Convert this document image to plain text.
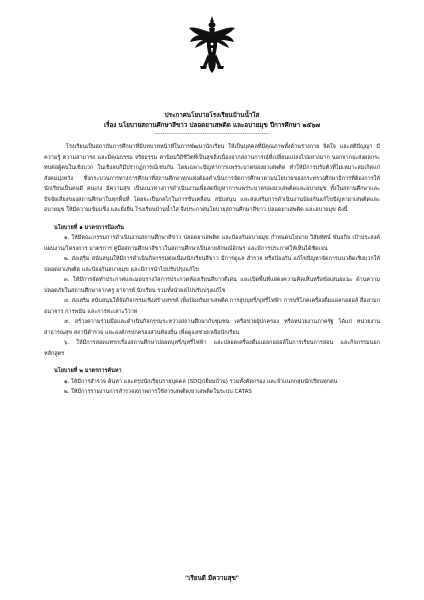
ประกาศนโยบายโรงเรียนบ้านน้ำใส
เรื่อง นโยบายสถานศึกษาสีขาว ปลอดยาเสพติด และอบายมุข ปีการศึกษา ๒๕๖๗
-------------------------------------------------------

โรงเรียนเป็นสถาบันการศึกษาที่มีบทบาทหน้าที่ในการพัฒนานักเรียน ให้เป็นบุคคลที่มีคุณภาพทั้งด้านร่างกาย จิตใจ และสติปัญญา มีความรู้ ความสามารถ และมีคุณธรรม จริยธรรม ค่านิยมวิถีชีวิตที่เป็นสุขสิ่งเนื่องจากสถานการณ์ที่เปลี่ยนแปลงไปอย่างมาก นอกจากจะส่งผลกระทบต่อผู้คนในเชิงบวก ในเชิงลบก็มีปรากฏการณ์เช่นกัน โดยเฉพาะปัญหาการแพร่ระบาดของยาเสพติด ทำให้มีการปรับตัวที่ไม่เหมาะสมเกิดแก่สังคมมุ่งหวัง ซึ่งกระบวนการทางการศึกษาที่สถานศึกษาทุกแห่งต้องดำเนินการจัดการศึกษาตามนโยบายของกระทรวงศึกษาธิการที่ต้องการให้นักเรียนเป็นคนดี คนเก่ง มีความสุข เป็นแนวทางการดำเนินงานเพื่อลดปัญหาการแพร่ระบาดของยาเสพติดและอบายมุข ทั้งในสถานศึกษาและปัจจัยเสี่ยงของสถานศึกษาในทุกพื้นที่ โดยจะเป็นกลไกในการขับเคลื่อน สนับสนุน และส่งเสริมการดำเนินงานป้องกันแก้ไขปัญหายาเสพติดและอบายมุข ให้มีความเข้มแข็ง และยั่งยืน โรงเรียนบ้านน้ำใส จึงประกาศนโยบายสถานศึกษาสีขาว ปลอดยาเสพติด และอบายมุข ดังนี้

นโยบายที่ ๑ มาตรการป้องกัน

๑. ให้มีคณะกรรมการดำเนินงานสถานศึกษาสีขาว ปลอดยาเสพติด และป้องกันอบายมุข กำหนดนโยบาย วิสัยทัศน์ พันธกิจ เป้าประสงค์ แผนงาน/โครงการ มาตรการ คู่มือสถานศึกษาสีขาวในสถานศึกษาเป็นลายลักษณ์อักษร และมีการประกาศให้เห็นได้ชัดเจน

๒. ส่งเสริม สนับสนุนให้มีการดำเนินกิจกรรมต่อเนื่องนักเรียนสีขาว มีการดูแล สำรวจ หรือป้องกัน แก้ไขปัญหาจัดการแนวคิดเชิงบวกให้ปลอดยาเสพติด และป้องกันอบายมุข และมีการนำไปปรับปรุงแก้ไข

๓. ให้มีการจัดทำประกาศและมอบรางวัลการประกวดห้องเรียนสีขาวดีเด่น และเปิดพื้นที่แสดงความคิดเห็นหรือข้อเสนอแนะ ด้านความปลอดภัยในสถานศึกษาจากครู อาจารย์ นักเรียน รวมทั้งนำผลไปปรับปรุงแก้ไข

๔. ส่งเสริม สนับสนุนให้จัดกิจกรรมเชิงสร้างสรรค์ เพื่อป้องกันยาเสพติด การสูบบุหรี่/บุหรี่ไฟฟ้า การบริโภคเครื่องดื่มแอลกอฮอล์ สื่อลามก อนาจาร การพนัน และการทะเลาะวิวาท

๕. สร้างความร่วมมือและดำเนินกิจกรรมระหว่างสถานศึกษากับชุมชน เครือข่ายผู้ปกครอง หรือหน่วยงานภาครัฐ ได้แก่ หน่วยงานสาธารณสุข สถานีตำรวจ และองค์กรปกครองส่วนท้องถิ่น เพื่อดูแลช่วยเหลือนักเรียน

๖. ให้มีการสอดแทรกเรื่องสถานศึกษาปลอดบุหรี่/บุหรี่ไฟฟ้า และปลอดเครื่องดื่มแอลกอฮอล์ในการเรียนการสอน และกิจกรรมนอกหลักสูตร

นโยบายที่ ๒ มาตรการค้นหา

๑. ให้มีการสำรวจ ค้นหา และสรุปนักเรียนรายบุคคล (SDQ/เยี่ยมบ้าน) รวมทั้งคัดกรอง และจำแนกกลุ่มนักเรียนทุกคน

๒. ให้มีการรายงานการสำรวจสภาพการใช้สารเสพติด/ยาเสพติดในระบบ CATAS

"เรียนดี มีความสุข"
